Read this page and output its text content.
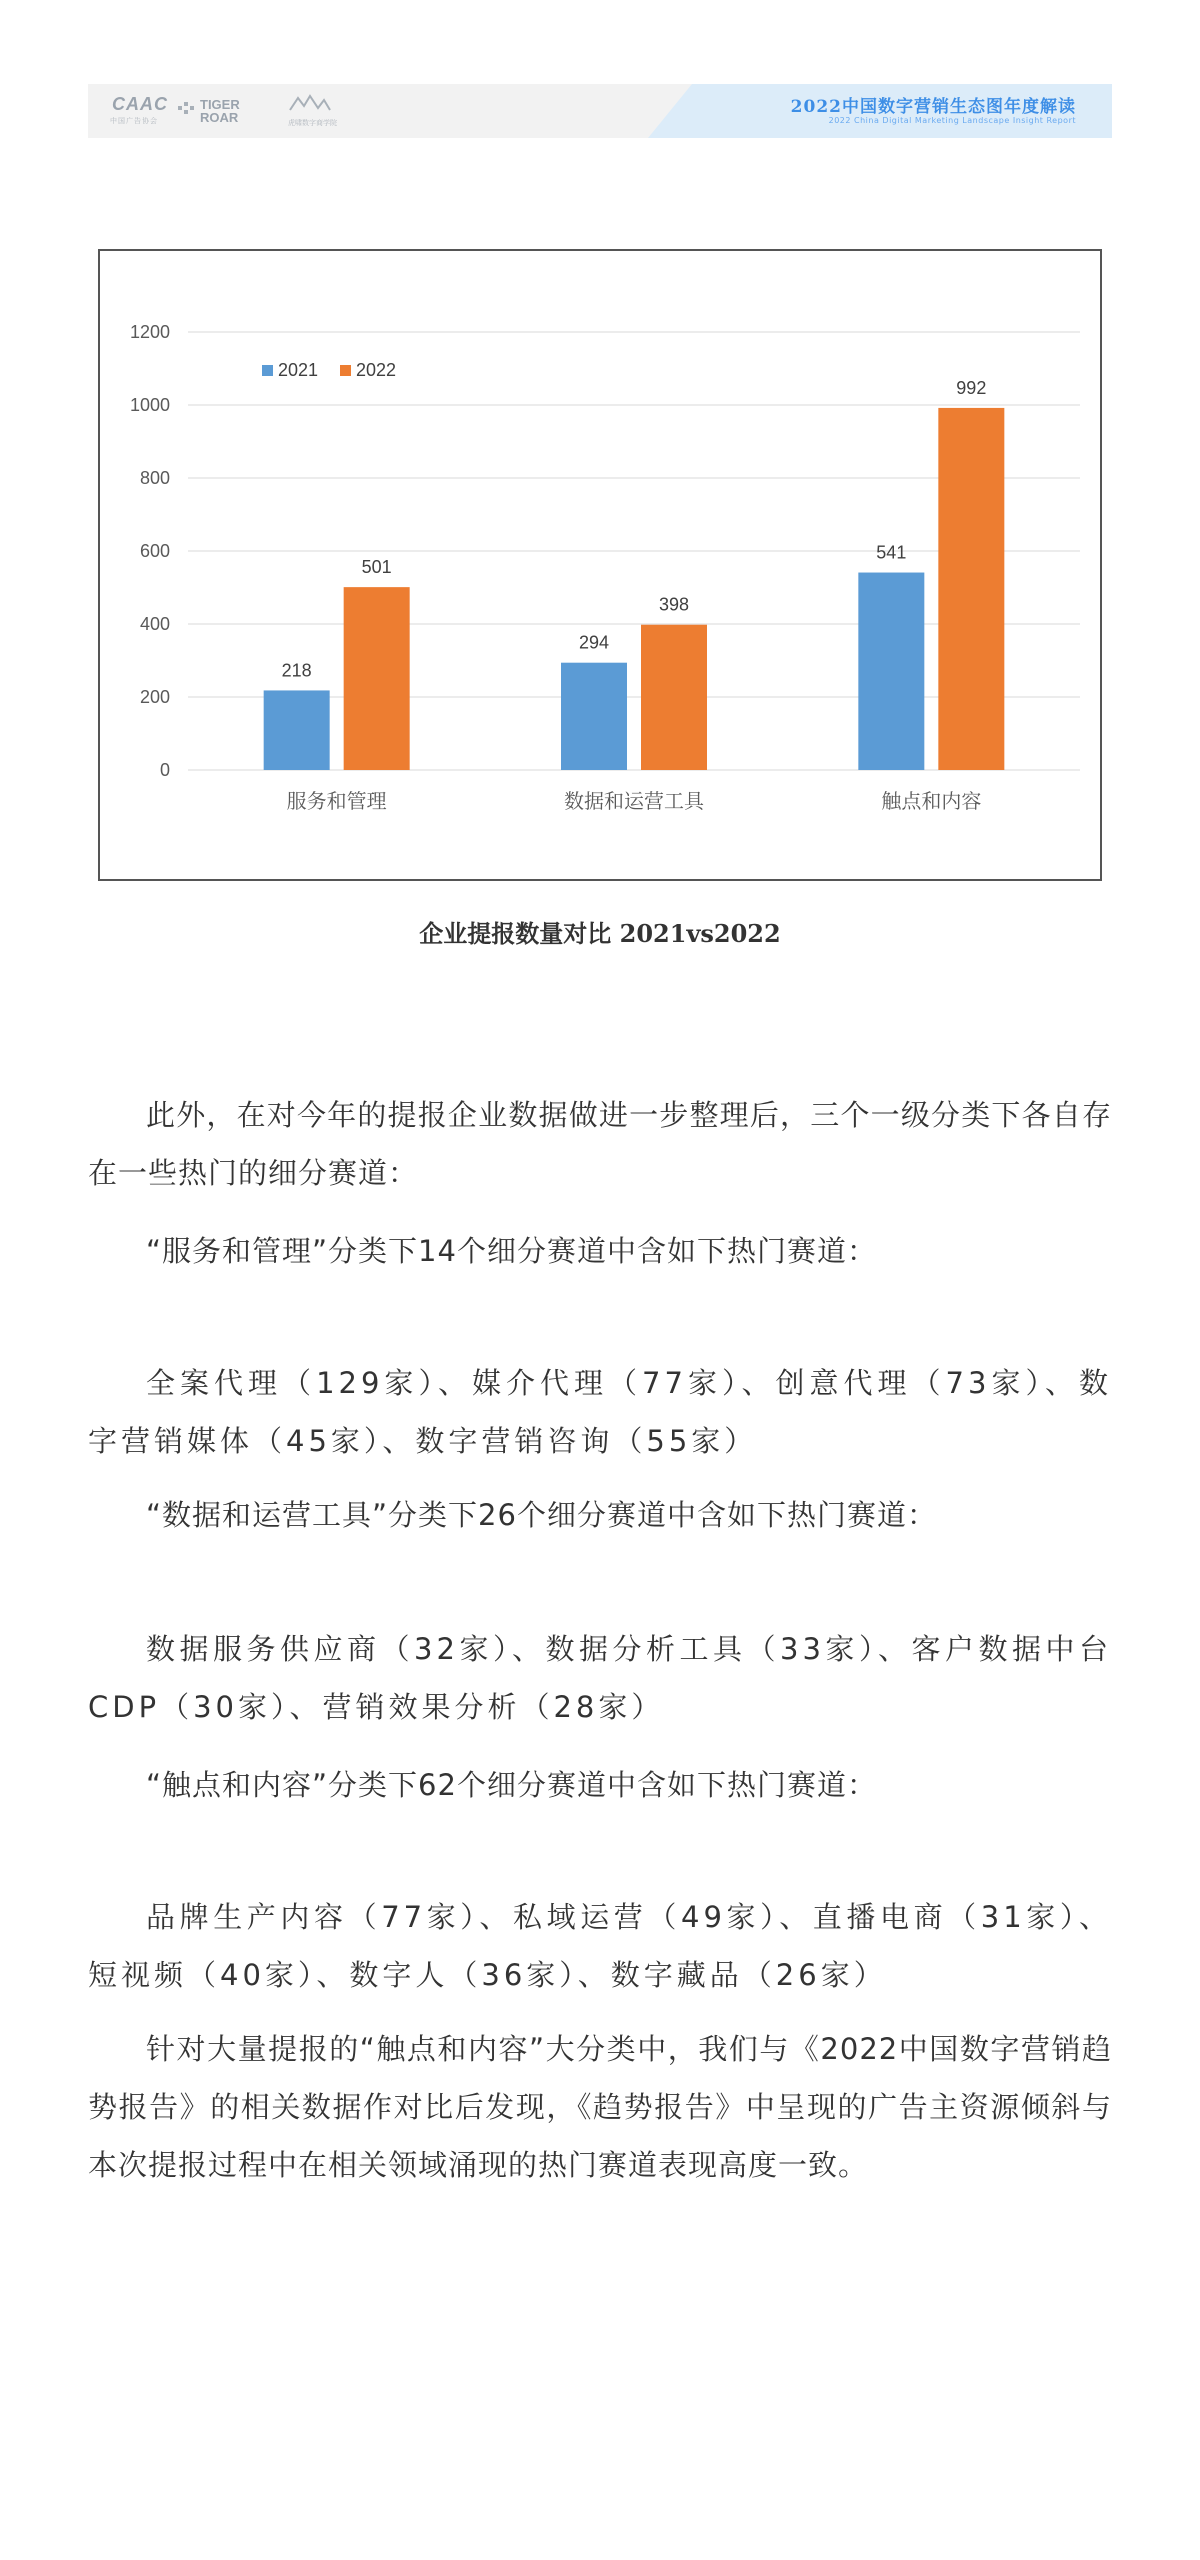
CAAC
中国广告协会
TIGER
ROAR	虎啸数字商学院
2022中国数字营销生态图年度解读
2022 China Digital Marketing Landscape Insight Report
0
200
400
600
800
1000
1200
218
501
服务和管理
294
398
数据和运营工具
541
992
触点和内容
2021 2022
企业提报数量对比 2021vs2022

此外，在对今年的提报企业数据做进一步整理后，三个一级分类下各自存在一些热门的细分赛道：

“服务和管理”分类下14个细分赛道中含如下热门赛道：

全案代理（129家）、媒介代理（77家）、创意代理（73家）、数字营销媒体（45家）、数字营销咨询（55家）

“数据和运营工具”分类下26个细分赛道中含如下热门赛道：

数据服务供应商（32家）、数据分析工具（33家）、客户数据中台CDP（30家）、营销效果分析（28家）

“触点和内容”分类下62个细分赛道中含如下热门赛道：

品牌生产内容（77家）、私域运营（49家）、直播电商（31家）、短视频（40家）、数字人（36家）、数字藏品（26家）

针对大量提报的“触点和内容”大分类中，我们与《2022中国数字营销趋势报告》的相关数据作对比后发现，《趋势报告》中呈现的广告主资源倾斜与本次提报过程中在相关领域涌现的热门赛道表现高度一致。
